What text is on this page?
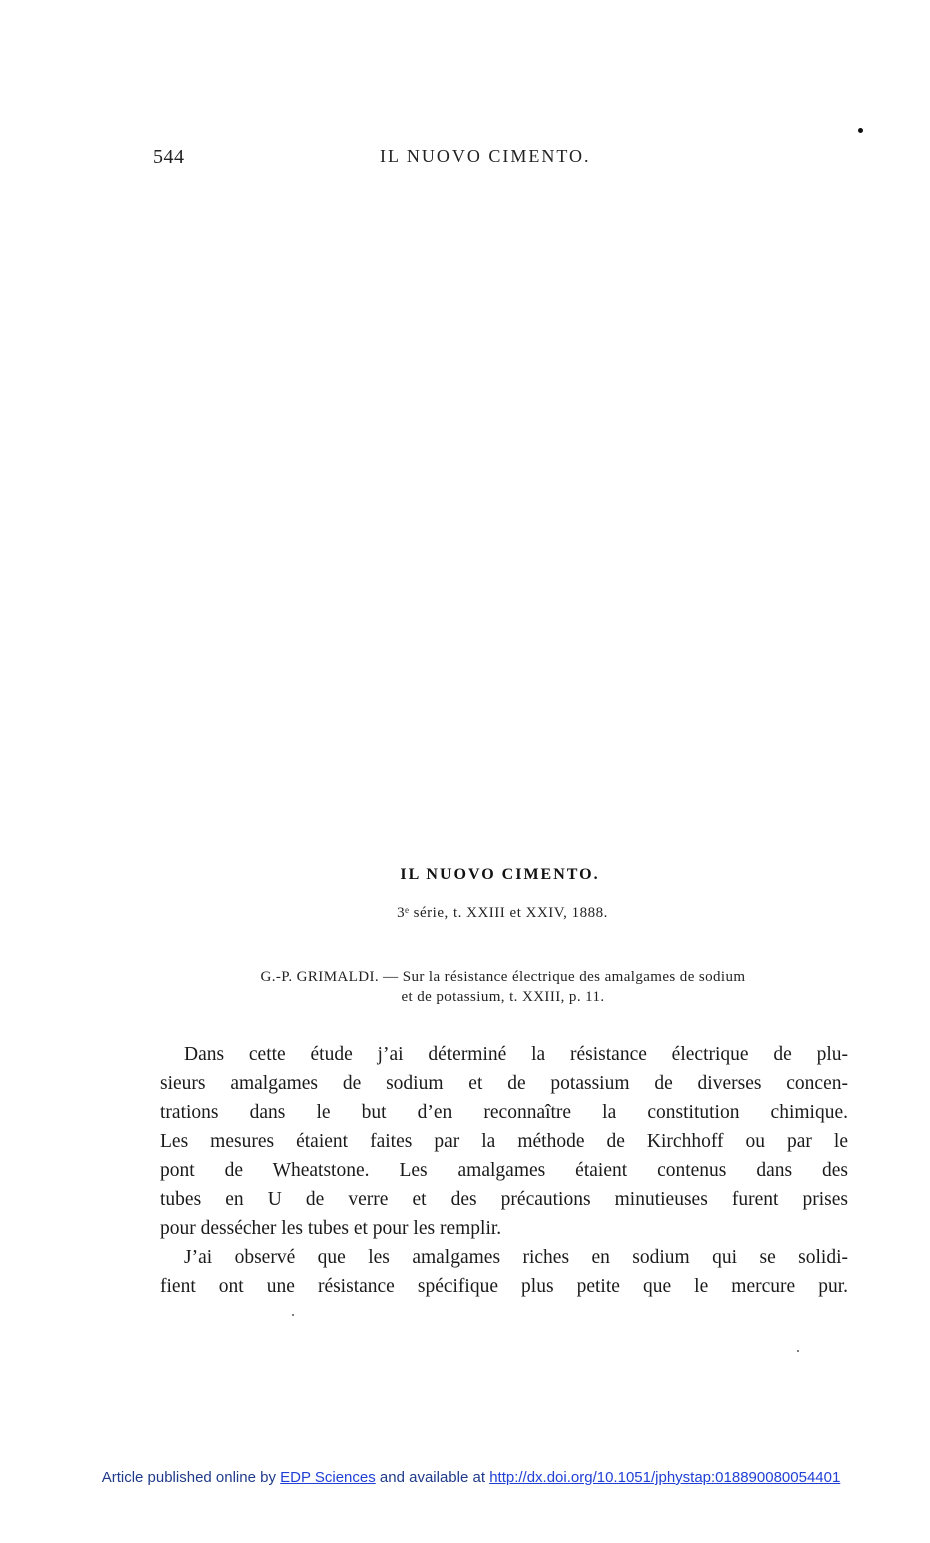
544	IL NUOVO CIMENTO.
IL NUOVO CIMENTO.
3ᵉ série, t. XXIII et XXIV, 1888.
G.-P. GRIMALDI. — Sur la résistance électrique des amalgames de sodium
et de potassium, t. XXIII, p. 11.
Dans cette étude j’ai déterminé la résistance électrique de plu-
sieurs amalgames de sodium et de potassium de diverses concen-
trations dans le but d’en reconnaître la constitution chimique.
Les mesures étaient faites par la méthode de Kirchhoff ou par le
pont de Wheatstone. Les amalgames étaient contenus dans des
tubes en U de verre et des précautions minutieuses furent prises
pour dessécher les tubes et pour les remplir.
J’ai observé que les amalgames riches en sodium qui se solidi-
fient ont une résistance spécifique plus petite que le mercure pur.
Article published online by EDP Sciences and available at http://dx.doi.org/10.1051/jphystap:018890080054401
